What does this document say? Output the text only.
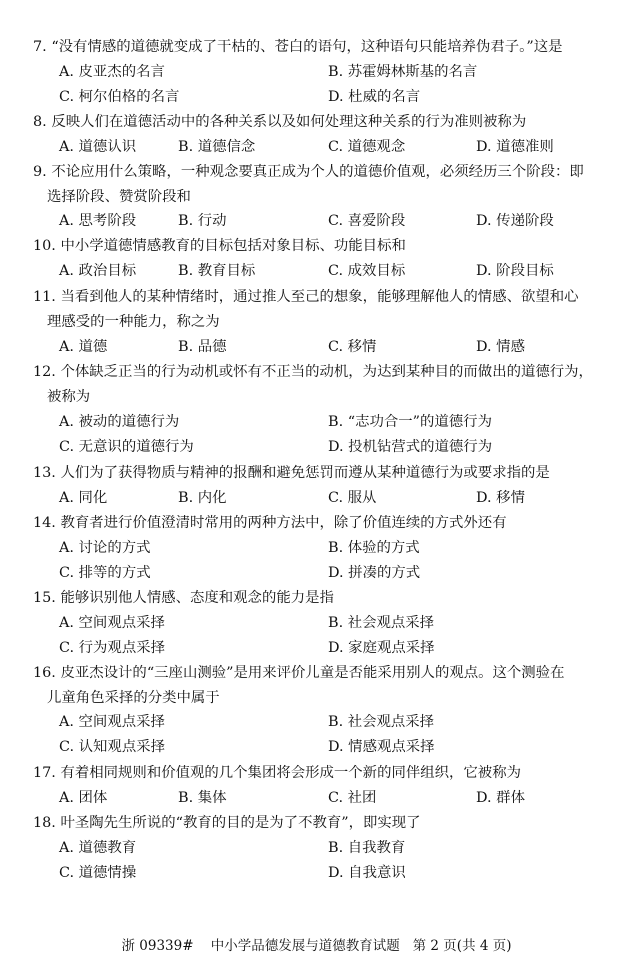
7. “没有情感的道德就变成了干枯的、苍白的语句，这种语句只能培养伪君子。”这是
A. 皮亚杰的名言	B. 苏霍姆林斯基的名言
C. 柯尔伯格的名言	D. 杜威的名言
8. 反映人们在道德活动中的各种关系以及如何处理这种关系的行为准则被称为
A. 道德认识	B. 道德信念	C. 道德观念	D. 道德准则
9. 不论应用什么策略，一种观念要真正成为个人的道德价值观，必须经历三个阶段：即
选择阶段、赞赏阶段和
A. 思考阶段	B. 行动	C. 喜爱阶段	D. 传递阶段
10. 中小学道德情感教育的目标包括对象目标、功能目标和
A. 政治目标	B. 教育目标	C. 成效目标	D. 阶段目标
11. 当看到他人的某种情绪时，通过推人至己的想象，能够理解他人的情感、欲望和心
理感受的一种能力，称之为
A. 道德	B. 品德	C. 移情	D. 情感
12. 个体缺乏正当的行为动机或怀有不正当的动机，为达到某种目的而做出的道德行为，
被称为
A. 被动的道德行为	B. “志功合一”的道德行为
C. 无意识的道德行为	D. 投机钻营式的道德行为
13. 人们为了获得物质与精神的报酬和避免惩罚而遵从某种道德行为或要求指的是
A. 同化	B. 内化	C. 服从	D. 移情
14. 教育者进行价值澄清时常用的两种方法中，除了价值连续的方式外还有
A. 讨论的方式	B. 体验的方式
C. 排等的方式	D. 拼凑的方式
15. 能够识别他人情感、态度和观念的能力是指
A. 空间观点采择	B. 社会观点采择
C. 行为观点采择	D. 家庭观点采择
16. 皮亚杰设计的“三座山测验”是用来评价儿童是否能采用别人的观点。这个测验在
儿童角色采择的分类中属于
A. 空间观点采择	B. 社会观点采择
C. 认知观点采择	D. 情感观点采择
17. 有着相同规则和价值观的几个集团将会形成一个新的同伴组织，它被称为
A. 团体	B. 集体	C. 社团	D. 群体
18. 叶圣陶先生所说的“教育的目的是为了不教育”，即实现了
A. 道德教育	B. 自我教育
C. 道德情操	D. 自我意识
浙 09339# 中小学品德发展与道德教育试题 第 2 页(共 4 页)
